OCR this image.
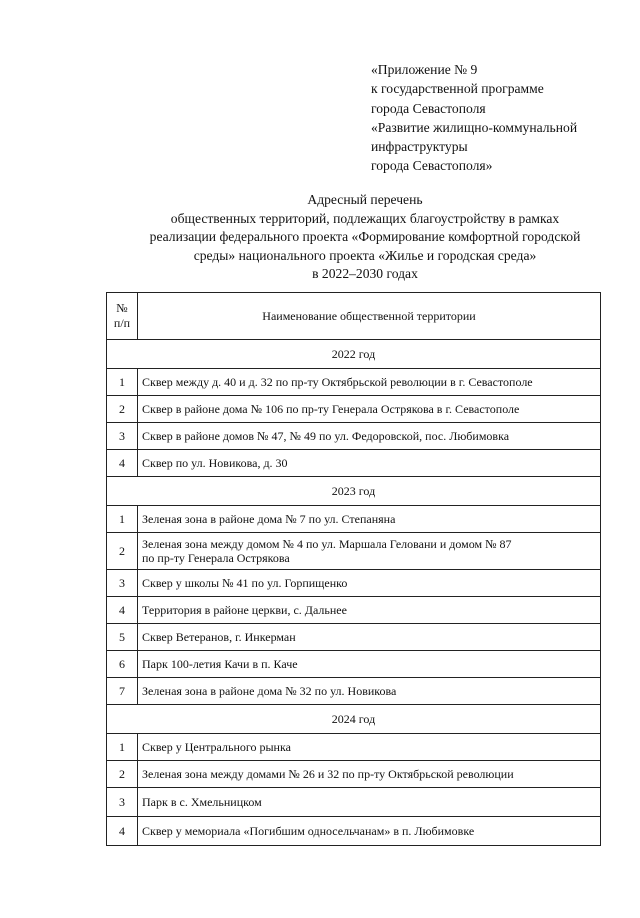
«Приложение № 9
к государственной программе
города Севастополя
«Развитие жилищно-коммунальной
инфраструктуры
города Севастополя»
Адресный перечень
общественных территорий, подлежащих благоустройству в рамках
реализации федерального проекта «Формирование комфортной городской
среды» национального проекта «Жилье и городская среда»
в 2022–2030 годах
№
п/п	Наименование общественной территории
2022 год	
1	Сквер между д. 40 и д. 32 по пр-ту Октябрьской революции в г. Севастополе
2	Сквер в районе дома № 106 по пр-ту Генерала Острякова в г. Севастополе
3	Сквер в районе домов № 47, № 49 по ул. Федоровской, пос. Любимовка
4	Сквер по ул. Новикова, д. 30
2023 год	
1	Зеленая зона в районе дома № 7 по ул. Степаняна
2	Зеленая зона между домом № 4 по ул. Маршала Геловани и домом № 87
по пр-ту Генерала Острякова

3	Сквер у школы № 41 по ул. Горпищенко
4	Территория в районе церкви, с. Дальнее
5	Сквер Ветеранов, г. Инкерман
6	Парк 100-летия Качи в п. Каче
7	Зеленая зона в районе дома № 32 по ул. Новикова
2024 год	
1	Сквер у Центрального рынка
2	Зеленая зона между домами № 26 и 32 по пр-ту Октябрьской революции
3	Парк в с. Хмельницком
4	Сквер у мемориала «Погибшим односельчанам» в п. Любимовке
